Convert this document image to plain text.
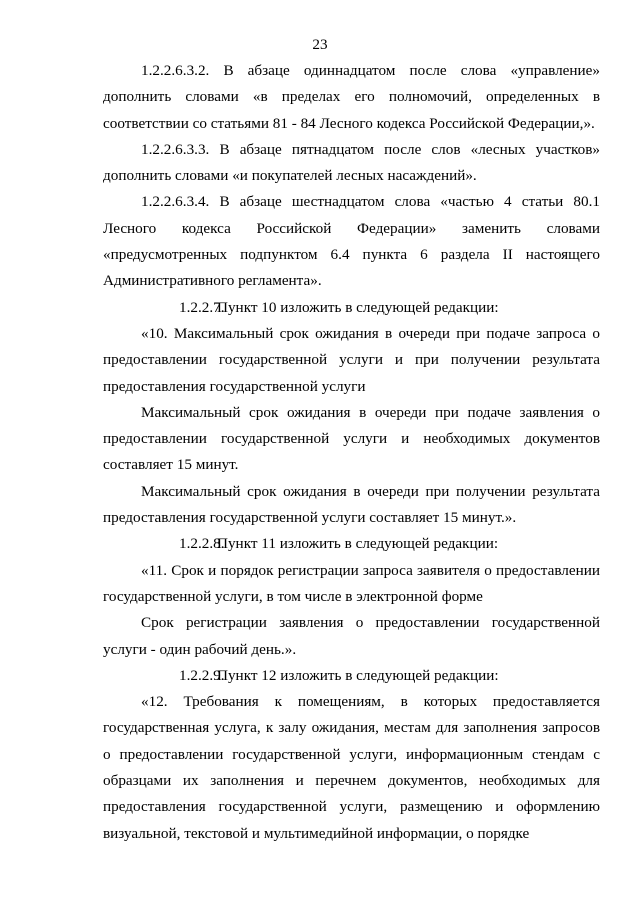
23

1.2.2.6.3.2. В абзаце одиннадцатом после слова «управление» дополнить словами «в пределах его полномочий, определенных в соответствии со статьями 81 - 84 Лесного кодекса Российской Федерации,».

1.2.2.6.3.3. В абзаце пятнадцатом после слов «лесных участков» дополнить словами «и покупателей лесных насаждений».

1.2.2.6.3.4. В абзаце шестнадцатом слова «частью 4 статьи 80.1 Лесного кодекса Российской Федерации» заменить словами «предусмотренных подпунктом 6.4 пункта 6 раздела II настоящего Административного регламента».

1.2.2.7.Пункт 10 изложить в следующей редакции:

«10. Максимальный срок ожидания в очереди при подаче запроса о предоставлении государственной услуги и при получении результата предоставления государственной услуги

Максимальный срок ожидания в очереди при подаче заявления о предоставлении государственной услуги и необходимых документов составляет 15 минут.

Максимальный срок ожидания в очереди при получении результата предоставления государственной услуги составляет 15 минут.».

1.2.2.8.Пункт 11 изложить в следующей редакции:

«11. Срок и порядок регистрации запроса заявителя о предоставлении государственной услуги, в том числе в электронной форме

Срок регистрации заявления о предоставлении государственной услуги - один рабочий день.».

1.2.2.9.Пункт 12 изложить в следующей редакции:

«12. Требования к помещениям, в которых предоставляется государственная услуга, к залу ожидания, местам для заполнения запросов о предоставлении государственной услуги, информационным стендам с образцами их заполнения и перечнем документов, необходимых для предоставления государственной услуги, размещению и оформлению визуальной, текстовой и мультимедийной информации, о порядке
